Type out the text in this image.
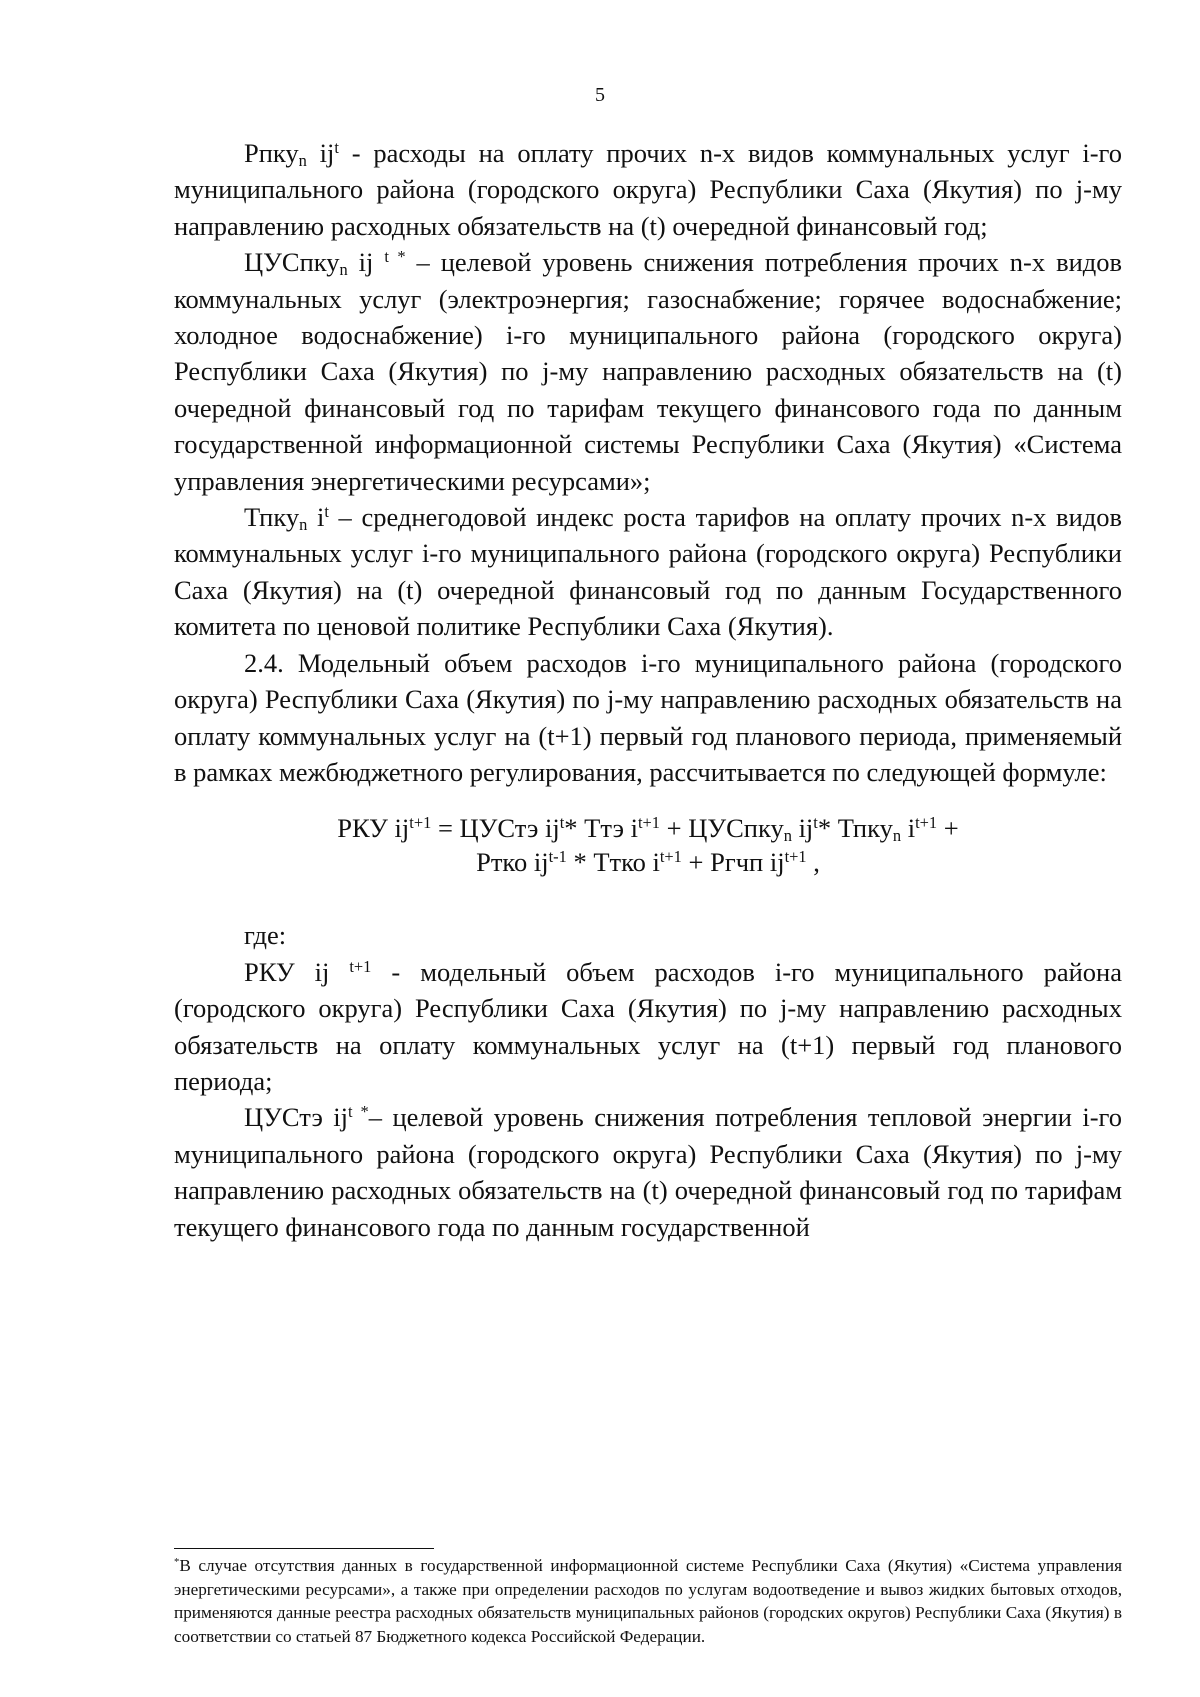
5

Рпку$_n$ $ij^t$ - расходы на оплату прочих n-х видов коммунальных услуг i-го муниципального района (городского округа) Республики Саха (Якутия) по j-му направлению расходных обязательств на (t) очередной финансовый год;

ЦУСпку$_n$ ij $^{t *}$ – целевой уровень снижения потребления прочих n-х видов коммунальных услуг (электроэнергия; газоснабжение; горячее водоснабжение; холодное водоснабжение) i-го муниципального района (городского округа) Республики Саха (Якутия) по j-му направлению расходных обязательств на (t) очередной финансовый год по тарифам текущего финансового года по данным государственной информационной системы Республики Саха (Якутия) «Система управления энергетическими ресурсами»;

Тпку$_n$ $i^t$ – среднегодовой индекс роста тарифов на оплату прочих n-х видов коммунальных услуг i-го муниципального района (городского округа) Республики Саха (Якутия) на (t) очередной финансовый год по данным Государственного комитета по ценовой политике Республики Саха (Якутия).

2.4. Модельный объем расходов i-го муниципального района (городского округа) Республики Саха (Якутия) по j-му направлению расходных обязательств на оплату коммунальных услуг на (t+1) первый год планового периода, применяемый в рамках межбюджетного регулирования, рассчитывается по следующей формуле:

РКУ $ij^{t+1}$ = ЦУСтэ $ij^t*$ Ттэ $i^{t+1}$ + ЦУСпку$_n$ $ij^t*$ Тпку$_n$ $i^{t+1}$ +
Ртко $ij^{t-1}$ * Ттко $i^{t+1}$ + Ргчп $ij^{t+1}$ ,

где:

РКУ ij $^{t+1}$ - модельный объем расходов i-го муниципального района (городского округа) Республики Саха (Якутия) по j-му направлению расходных обязательств на оплату коммунальных услуг на (t+1) первый год планового периода;

ЦУСтэ $ij^{t *}-$ целевой уровень снижения потребления тепловой энергии i-го муниципального района (городского округа) Республики Саха (Якутия) по j-му направлению расходных обязательств на (t) очередной финансовый год по тарифам текущего финансового года по данным государственной

*В случае отсутствия данных в государственной информационной системе Республики Саха (Якутия) «Система управления энергетическими ресурсами», а также при определении расходов по услугам водоотведение и вывоз жидких бытовых отходов, применяются данные реестра расходных обязательств муниципальных районов (городских округов) Республики Саха (Якутия) в соответствии со статьей 87 Бюджетного кодекса Российской Федерации.
